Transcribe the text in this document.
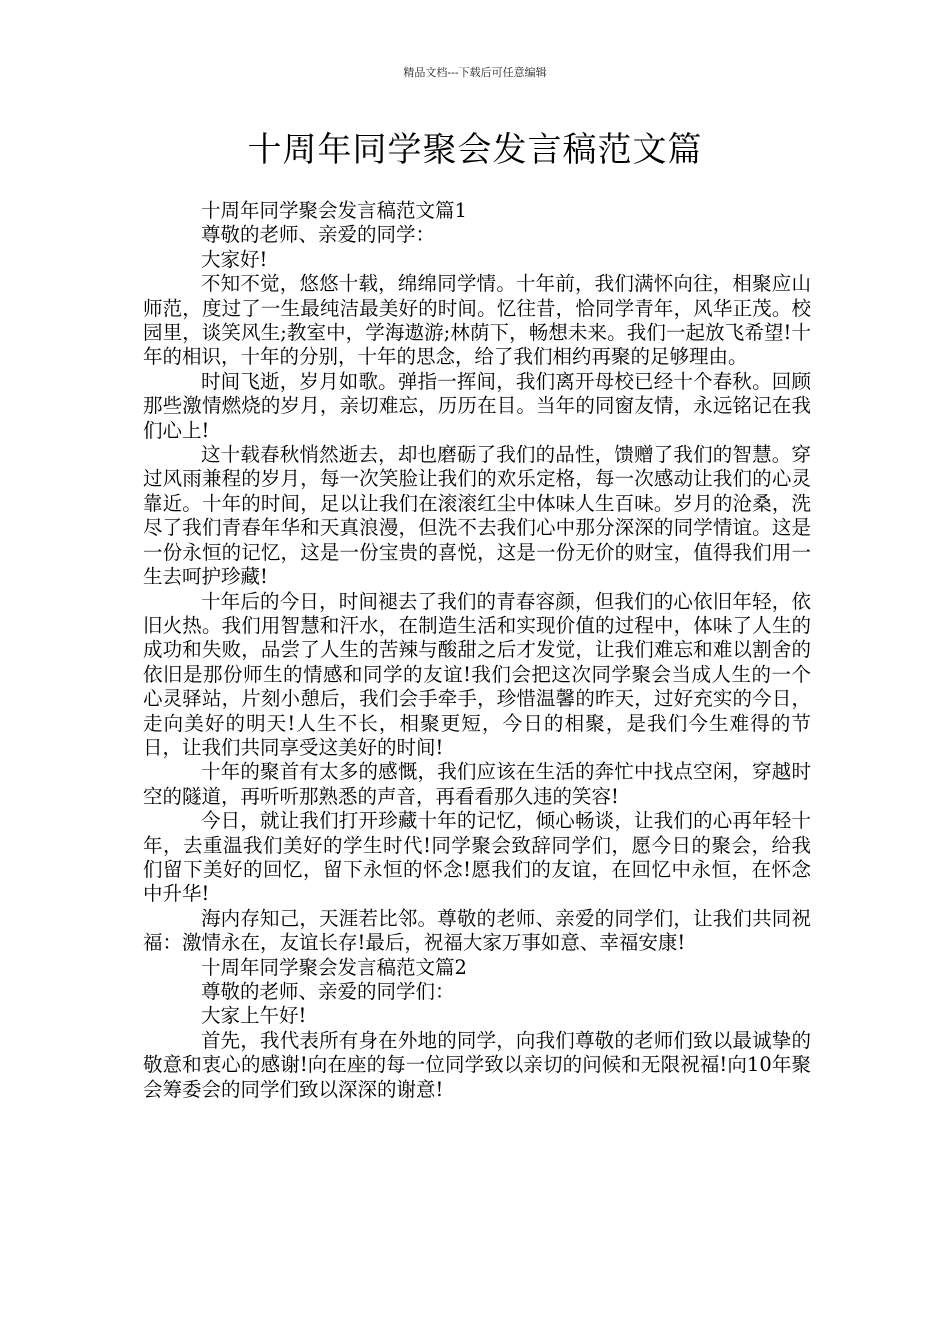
精品文档---下载后可任意编辑
十周年同学聚会发言稿范文篇

十周年同学聚会发言稿范文篇1

尊敬的老师、亲爱的同学：

大家好!

不知不觉，悠悠十载，绵绵同学情。十年前，我们满怀向往，相聚应山师范，度过了一生最纯洁最美好的时间。忆往昔，恰同学青年，风华正茂。校园里，谈笑风生;教室中，学海遨游;林荫下，畅想未来。我们一起放飞希望!十年的相识，十年的分别，十年的思念，给了我们相约再聚的足够理由。

时间飞逝，岁月如歌。弹指一挥间，我们离开母校已经十个春秋。回顾那些激情燃烧的岁月，亲切难忘，历历在目。当年的同窗友情，永远铭记在我们心上!

这十载春秋悄然逝去，却也磨砺了我们的品性，馈赠了我们的智慧。穿过风雨兼程的岁月，每一次笑脸让我们的欢乐定格，每一次感动让我们的心灵靠近。十年的时间，足以让我们在滚滚红尘中体味人生百味。岁月的沧桑，洗尽了我们青春年华和天真浪漫，但洗不去我们心中那分深深的同学情谊。这是一份永恒的记忆，这是一份宝贵的喜悦，这是一份无价的财宝，值得我们用一生去呵护珍藏!

十年后的今日，时间褪去了我们的青春容颜，但我们的心依旧年轻，依旧火热。我们用智慧和汗水，在制造生活和实现价值的过程中，体味了人生的成功和失败，品尝了人生的苦辣与酸甜之后才发觉，让我们难忘和难以割舍的依旧是那份师生的情感和同学的友谊!我们会把这次同学聚会当成人生的一个心灵驿站，片刻小憩后，我们会手牵手，珍惜温馨的昨天，过好充实的今日，走向美好的明天!人生不长，相聚更短，今日的相聚，是我们今生难得的节日，让我们共同享受这美好的时间!

十年的聚首有太多的感慨，我们应该在生活的奔忙中找点空闲，穿越时空的隧道，再听听那熟悉的声音，再看看那久违的笑容!

今日，就让我们打开珍藏十年的记忆，倾心畅谈，让我们的心再年轻十年，去重温我们美好的学生时代!同学聚会致辞同学们，愿今日的聚会，给我们留下美好的回忆，留下永恒的怀念!愿我们的友谊，在回忆中永恒，在怀念中升华!

海内存知己，天涯若比邻。尊敬的老师、亲爱的同学们，让我们共同祝福：激情永在，友谊长存!最后，祝福大家万事如意、幸福安康!

十周年同学聚会发言稿范文篇2

尊敬的老师、亲爱的同学们：

大家上午好!

首先，我代表所有身在外地的同学，向我们尊敬的老师们致以最诚挚的敬意和衷心的感谢!向在座的每一位同学致以亲切的问候和无限祝福!向10年聚会筹委会的同学们致以深深的谢意!
